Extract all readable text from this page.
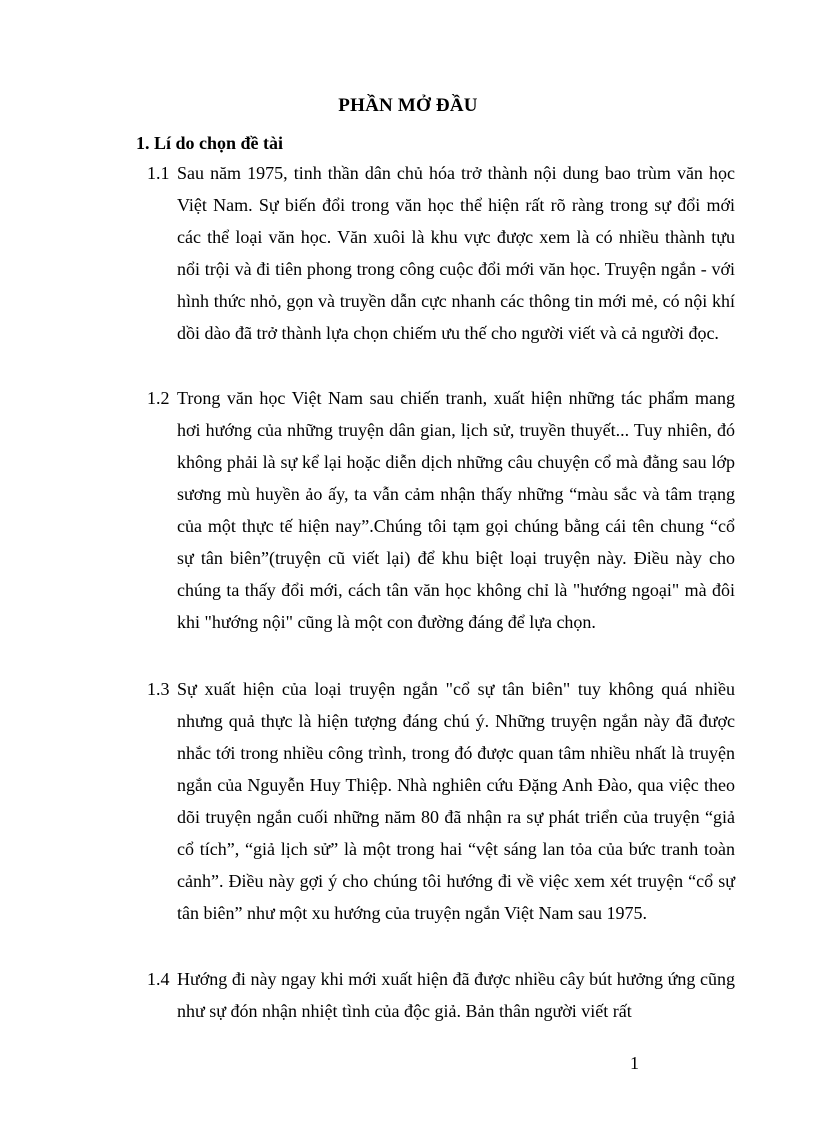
PHẦN MỞ ĐẦU
1. Lí do chọn đề tài
1.1 Sau năm 1975, tinh thần dân chủ hóa trở thành nội dung bao trùm văn học Việt Nam. Sự biến đổi trong văn học thể hiện rất rõ ràng trong sự đổi mới các thể loại văn học. Văn xuôi là khu vực được xem là có nhiều thành tựu nổi trội và đi tiên phong trong công cuộc đổi mới văn học. Truyện ngắn - với hình thức nhỏ, gọn và truyền dẫn cực nhanh các thông tin mới mẻ, có nội khí dồi dào đã trở thành lựa chọn chiếm ưu thế cho người viết và cả người đọc.
1.2 Trong văn học Việt Nam sau chiến tranh, xuất hiện những tác phẩm mang hơi hướng của những truyện dân gian, lịch sử, truyền thuyết... Tuy nhiên, đó không phải là sự kể lại hoặc diễn dịch những câu chuyện cổ mà đằng sau lớp sương mù huyền ảo ấy, ta vẫn cảm nhận thấy những “màu sắc và tâm trạng của một thực tế hiện nay”.Chúng tôi tạm gọi chúng bằng cái tên chung “cổ sự tân biên”(truyện cũ viết lại) để khu biệt loại truyện này. Điều này cho chúng ta thấy đổi mới, cách tân văn học không chỉ là "hướng ngoại" mà đôi khi "hướng nội" cũng là một con đường đáng để lựa chọn.
1.3 Sự xuất hiện của loại truyện ngắn "cổ sự tân biên" tuy không quá nhiều nhưng quả thực là hiện tượng đáng chú ý. Những truyện ngắn này đã được nhắc tới trong nhiều công trình, trong đó được quan tâm nhiều nhất là truyện ngắn của Nguyễn Huy Thiệp. Nhà nghiên cứu Đặng Anh Đào, qua việc theo dõi truyện ngắn cuối những năm 80 đã nhận ra sự phát triển của truyện “giả cổ tích”, “giả lịch sử” là một trong hai “vệt sáng lan tỏa của bức tranh toàn cảnh”. Điều này gợi ý cho chúng tôi hướng đi về việc xem xét truyện “cổ sự tân biên” như một xu hướng của truyện ngắn Việt Nam sau 1975.
1.4 Hướng đi này ngay khi mới xuất hiện đã được nhiều cây bút hưởng ứng cũng như sự đón nhận nhiệt tình của độc giả. Bản thân người viết rất
1
